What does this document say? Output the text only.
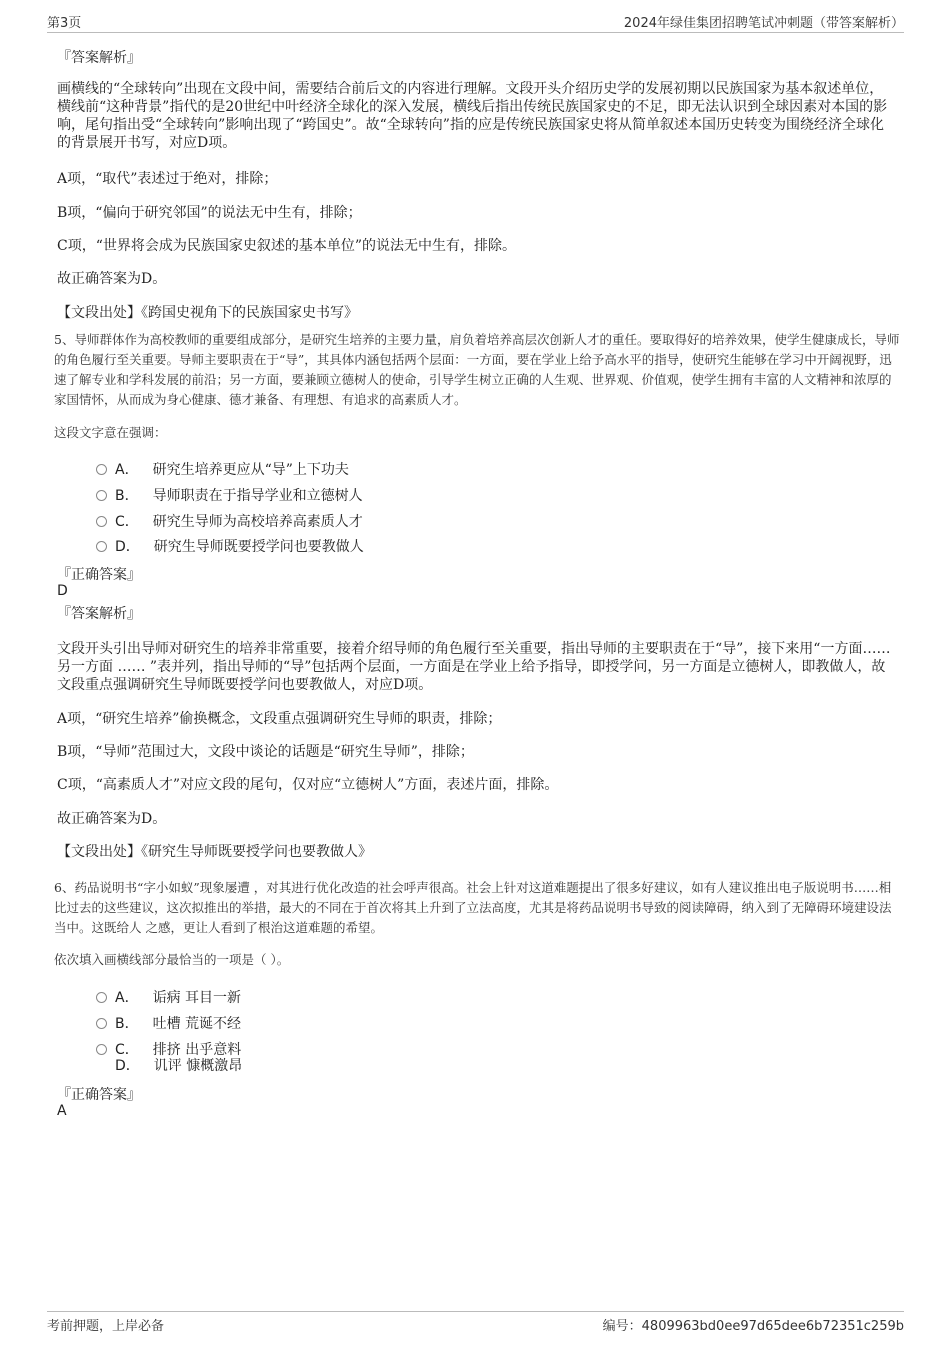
第3页	2024年绿佳集团招聘笔试冲刺题（带答案解析）
『答案解析』
画横线的“全球转向”出现在文段中间，需要结合前后文的内容进行理解。文段开头介绍历史学的发展初期以民族国家为基本叙述单位，横线前“这种背景”指代的是20世纪中叶经济全球化的深入发展，横线后指出传统民族国家史的不足，即无法认识到全球因素对本国的影响，尾句指出受“全球转向”影响出现了“跨国史”。故“全球转向”指的应是传统民族国家史将从简单叙述本国历史转变为围绕经济全球化的背景展开书写，对应D项。
A项，“取代”表述过于绝对，排除；
B项，“偏向于研究邻国”的说法无中生有，排除；
C项，“世界将会成为民族国家史叙述的基本单位”的说法无中生有，排除。
故正确答案为D。
【文段出处】《跨国史视角下的民族国家史书写》
5、导师群体作为高校教师的重要组成部分，是研究生培养的主要力量，肩负着培养高层次创新人才的重任。要取得好的培养效果，使学生健康成长，导师的角色履行至关重要。导师主要职责在于“导”，其具体内涵包括两个层面：一方面，要在学业上给予高水平的指导，使研究生能够在学习中开阔视野，迅速了解专业和学科发展的前沿；另一方面，要兼顾立德树人的使命，引导学生树立正确的人生观、世界观、价值观，使学生拥有丰富的人文精神和浓厚的家国情怀，从而成为身心健康、德才兼备、有理想、有追求的高素质人才。
这段文字意在强调：
A． 研究生培养更应从“导”上下功夫
B． 导师职责在于指导学业和立德树人
C． 研究生导师为高校培养高素质人才
D． 研究生导师既要授学问也要教做人
『正确答案』
D
『答案解析』
文段开头引出导师对研究生的培养非常重要，接着介绍导师的角色履行至关重要，指出导师的主要职责在于“导”，接下来用“一方面……另一方面 …… ”表并列，指出导师的“导”包括两个层面，一方面是在学业上给予指导，即授学问，另一方面是立德树人，即教做人，故文段重点强调研究生导师既要授学问也要教做人，对应D项。
A项，“研究生培养”偷换概念，文段重点强调研究生导师的职责，排除；
B项，“导师”范围过大，文段中谈论的话题是“研究生导师”，排除；
C项，“高素质人才”对应文段的尾句，仅对应“立德树人”方面，表述片面，排除。
故正确答案为D。
【文段出处】《研究生导师既要授学问也要教做人》
6、药品说明书“字小如蚁”现象屡遭 ，对其进行优化改造的社会呼声很高。社会上针对这道难题提出了很多好建议，如有人建议推出电子版说明书……相比过去的这些建议，这次拟推出的举措，最大的不同在于首次将其上升到了立法高度，尤其是将药品说明书导致的阅读障碍，纳入到了无障碍环境建设法当中。这既给人 之感，更让人看到了根治这道难题的希望。
依次填入画横线部分最恰当的一项是（ ）。
A． 诟病 耳目一新
B． 吐槽 荒诞不经
C． 排挤 出乎意料
D． 讥评 慷概激昂
『正确答案』
A
考前押题，上岸必备	编号：4809963bd0ee97d65dee6b72351c259b
